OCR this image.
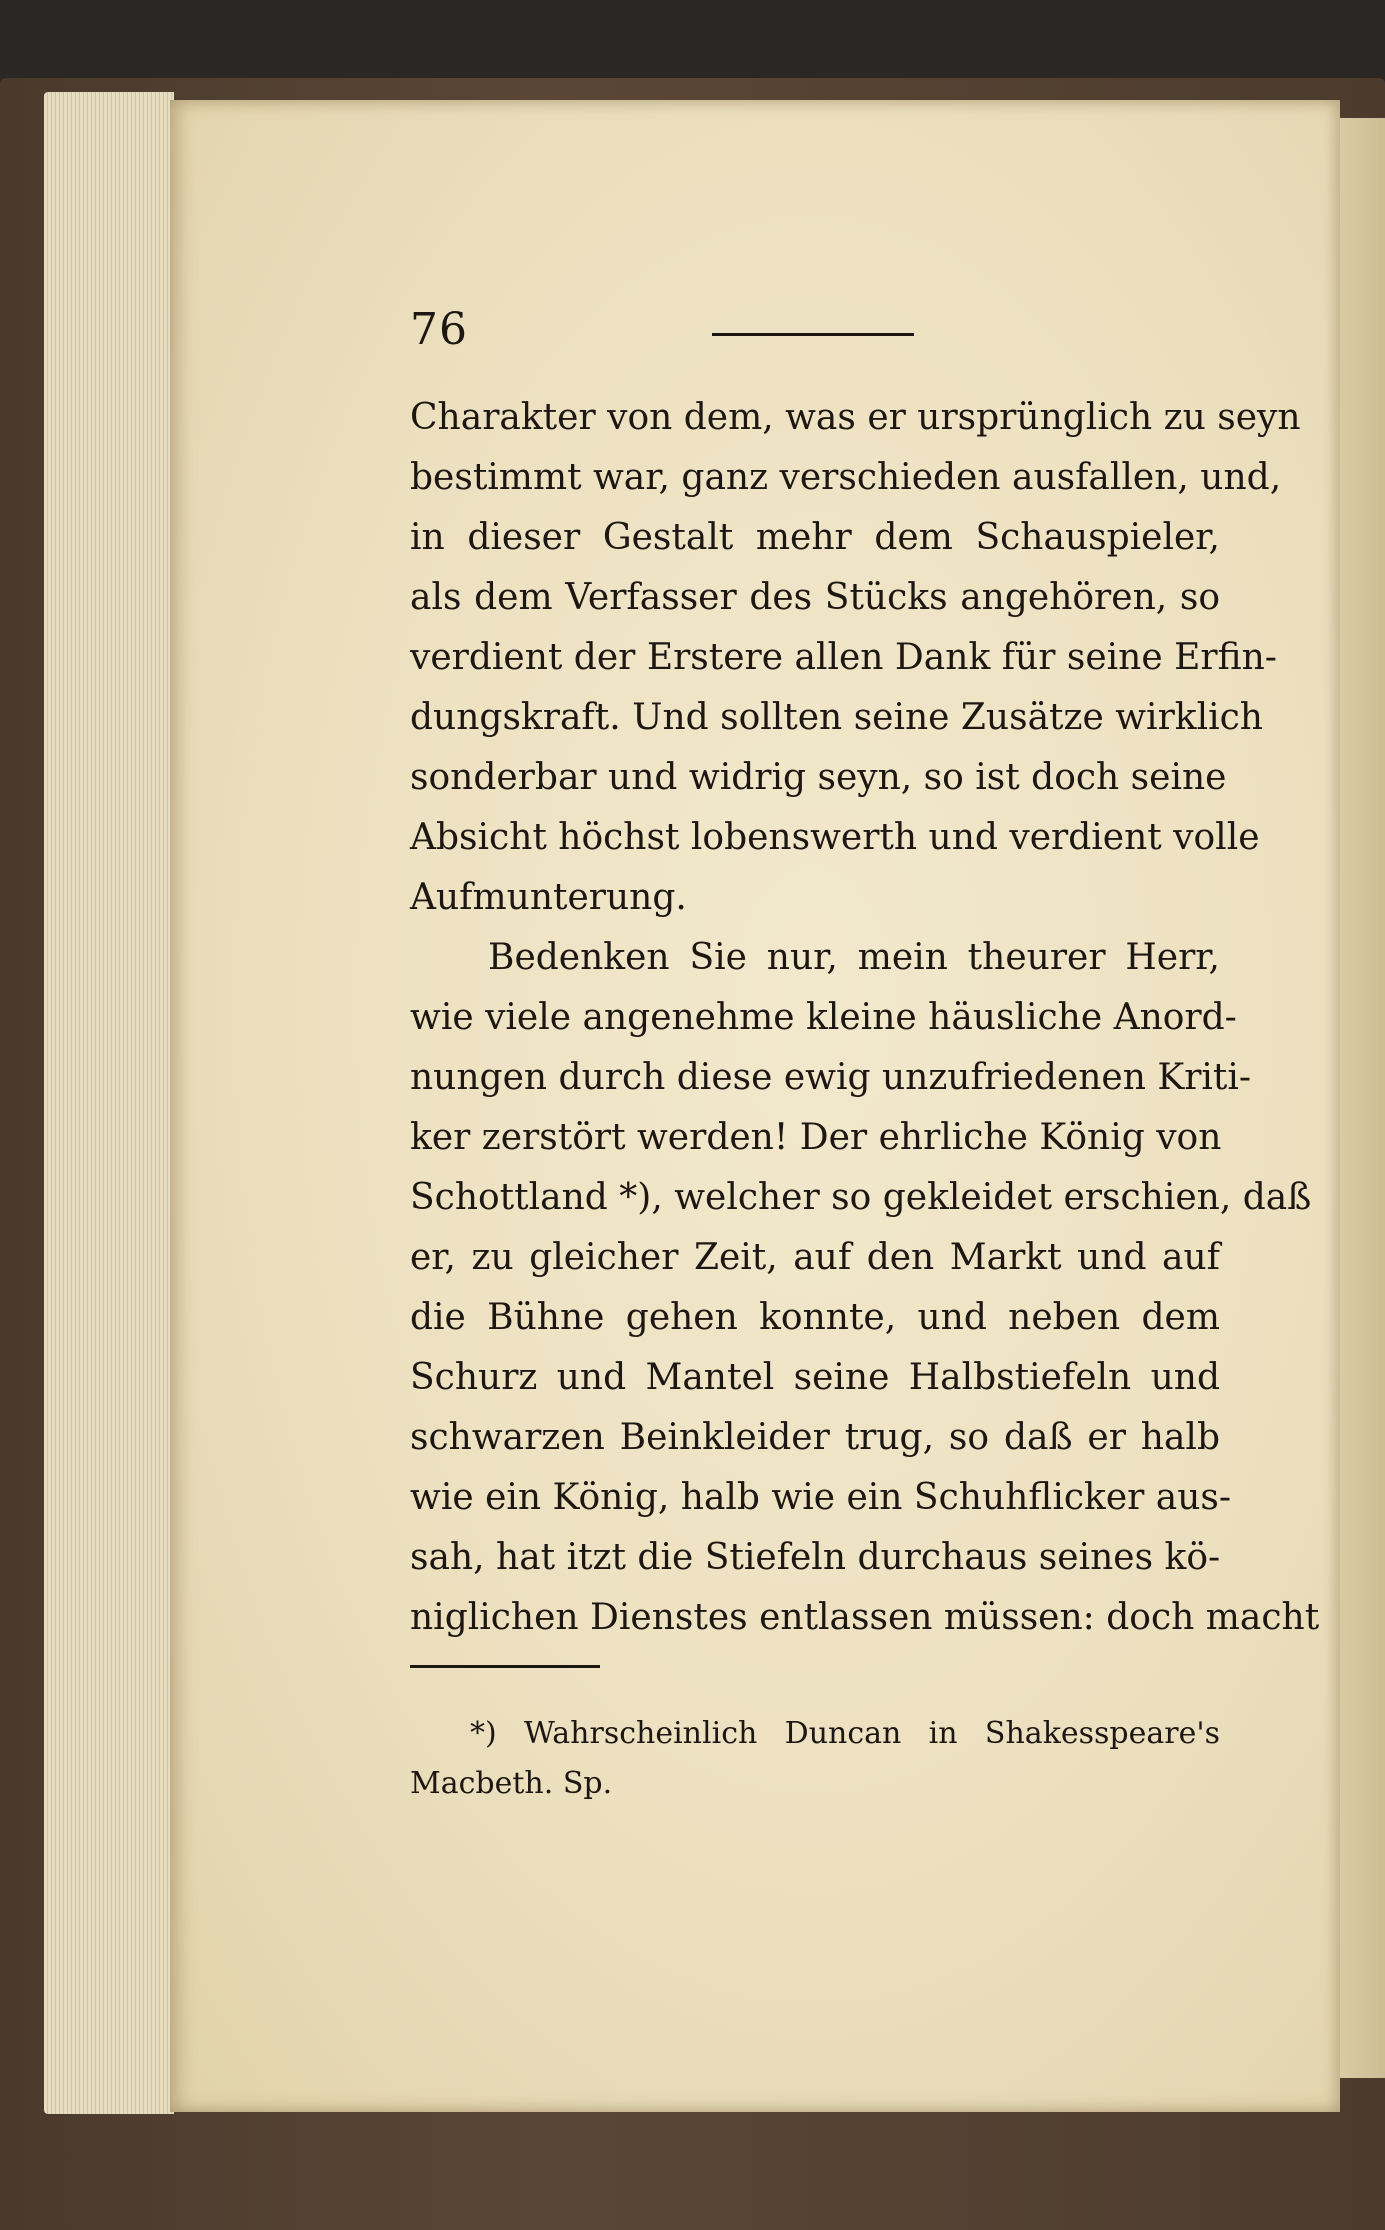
76
Charakter von dem, was er ursprünglich zu seyn
bestimmt war, ganz verschieden ausfallen, und,
in dieser Gestalt mehr dem Schauspieler,
als dem Verfasser des Stücks angehören, so
verdient der Erstere allen Dank für seine Erfin-
dungskraft. Und sollten seine Zusätze wirklich
sonderbar und widrig seyn, so ist doch seine
Absicht höchst lobenswerth und verdient volle
Aufmunterung.
Bedenken Sie nur, mein theurer Herr,
wie viele angenehme kleine häusliche Anord-
nungen durch diese ewig unzufriedenen Kriti-
ker zerstört werden! Der ehrliche König von
Schottland *), welcher so gekleidet erschien, daß
er, zu gleicher Zeit, auf den Markt und auf
die Bühne gehen konnte, und neben dem
Schurz und Mantel seine Halbstiefeln und
schwarzen Beinkleider trug, so daß er halb
wie ein König, halb wie ein Schuhflicker aus-
sah, hat itzt die Stiefeln durchaus seines kö-
niglichen Dienstes entlassen müssen: doch macht
*) Wahrscheinlich Duncan in Shakesspeare's
Macbeth. Sp.
